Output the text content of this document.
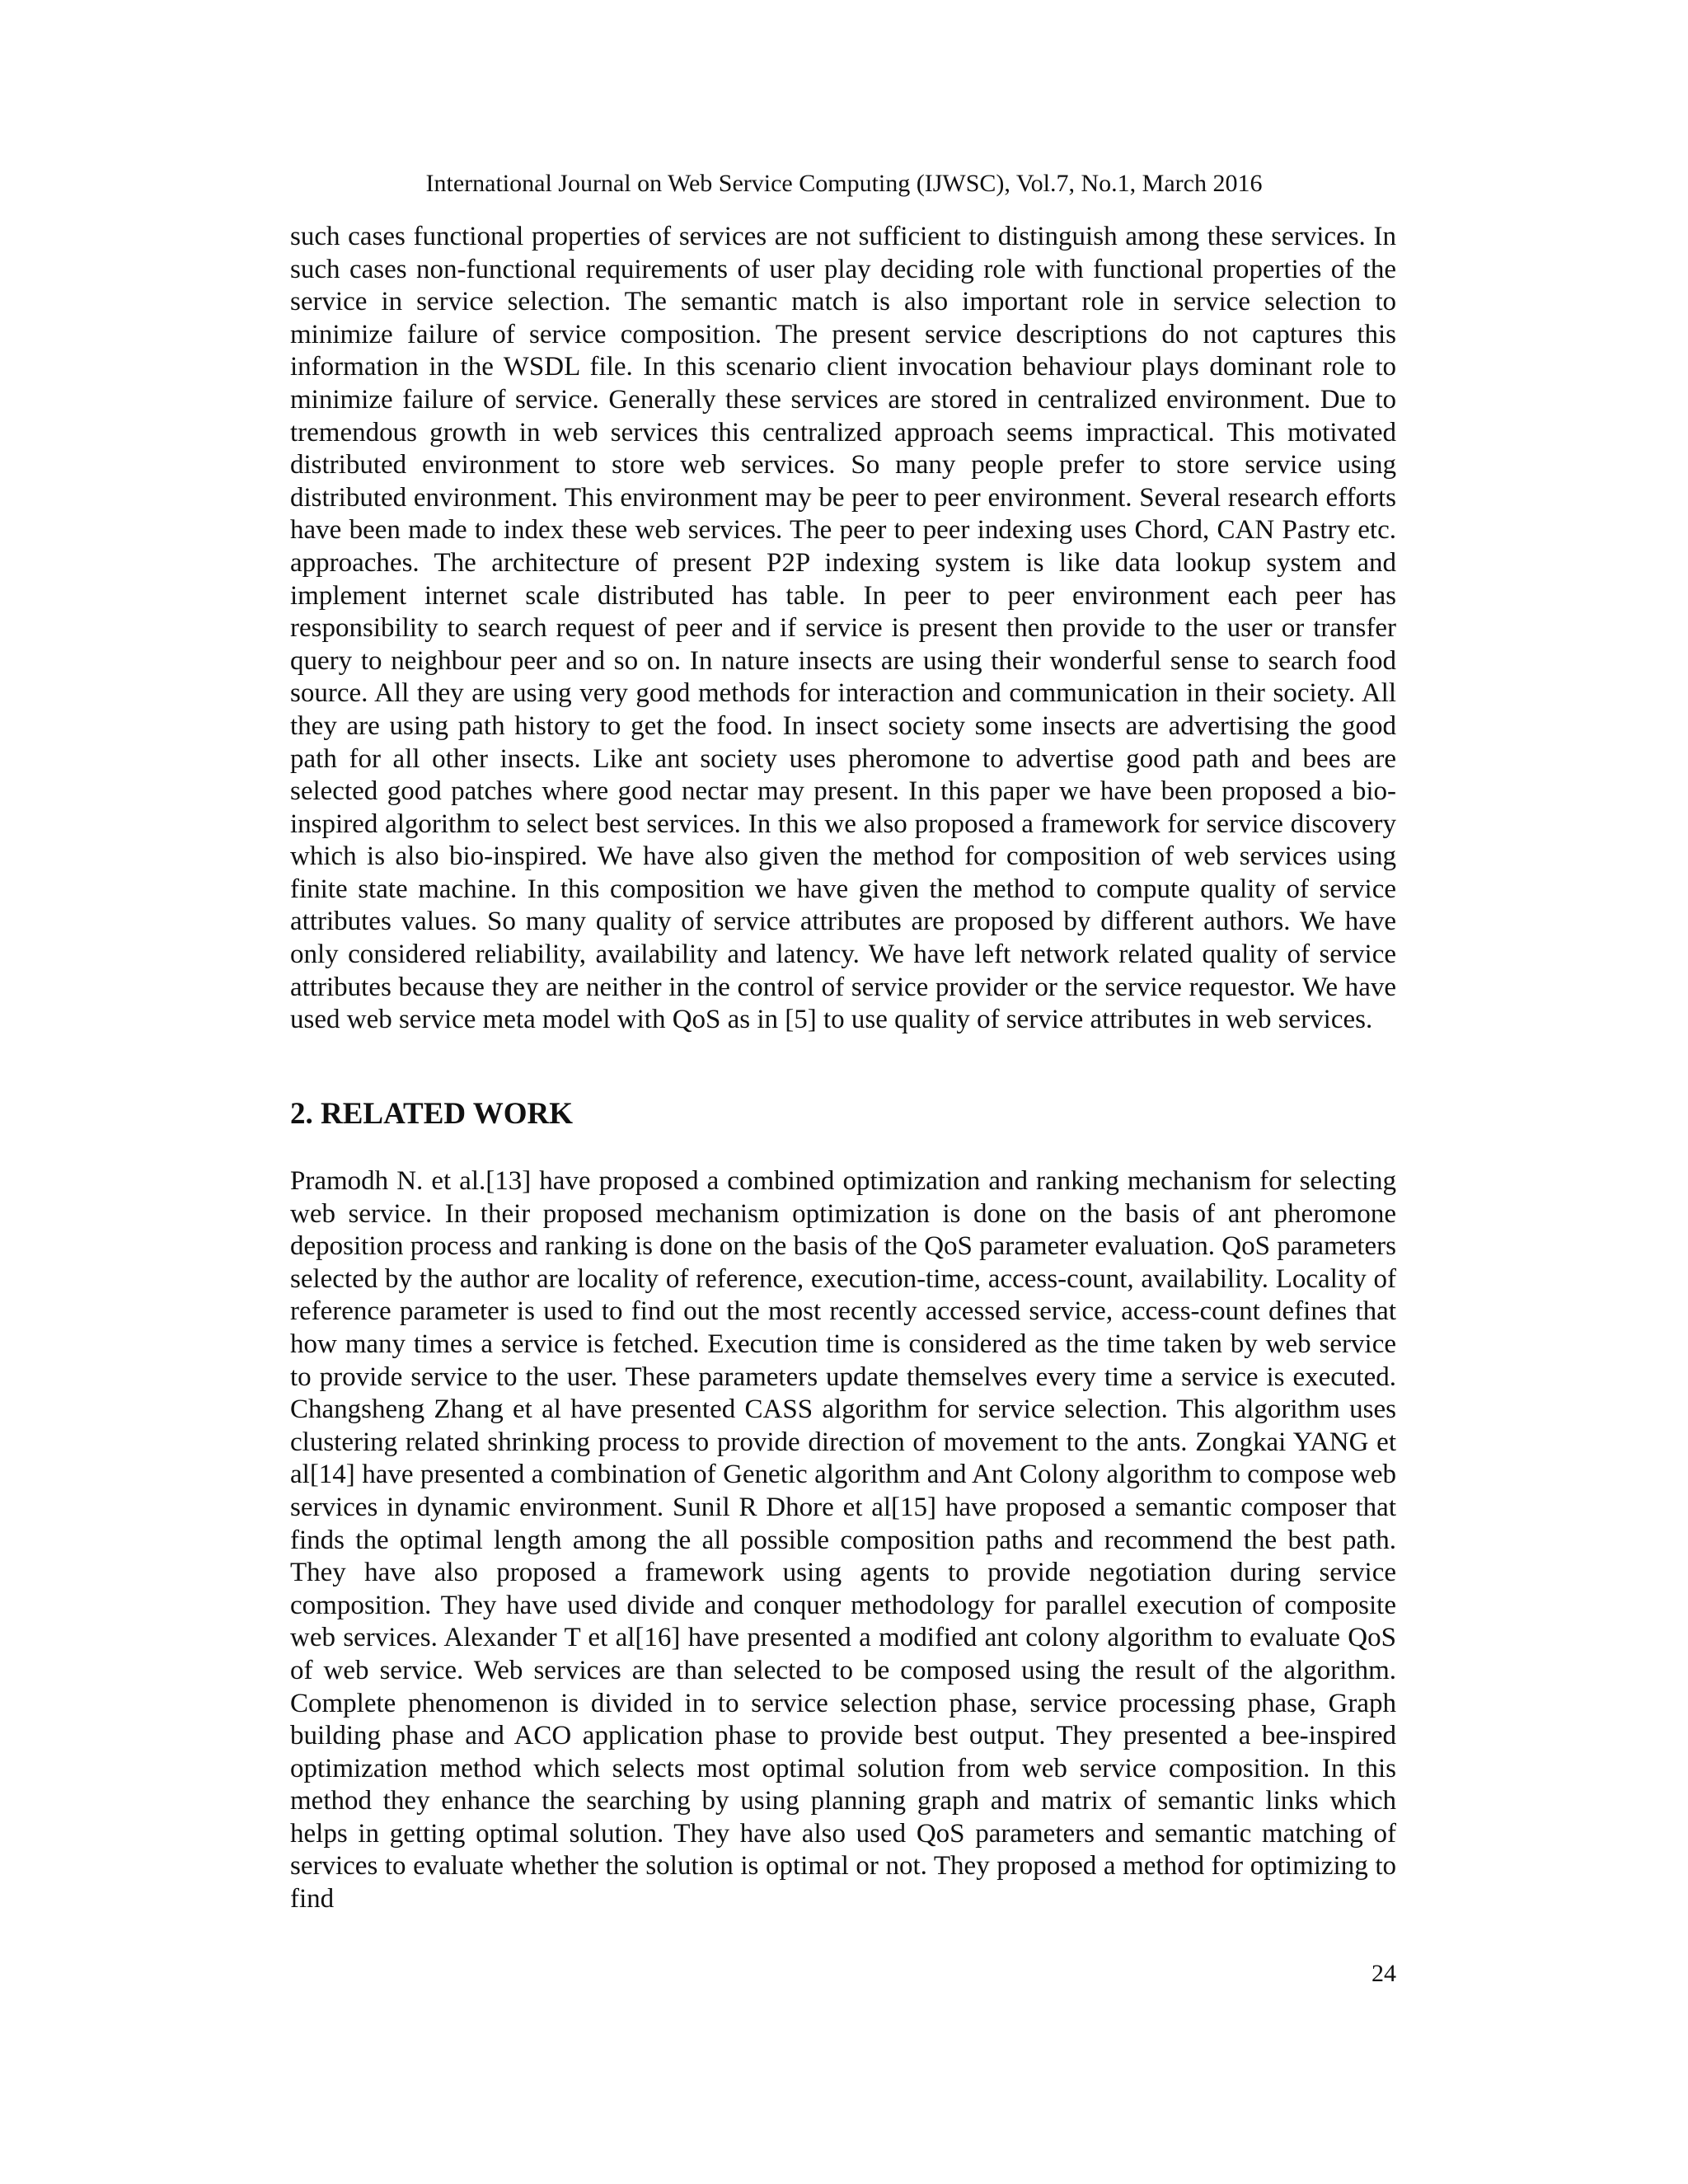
International Journal on Web Service Computing (IJWSC), Vol.7, No.1, March 2016

such cases functional properties of services are not sufficient to distinguish among these services. In such cases non-functional requirements of user play deciding role with functional properties of the service in service selection. The semantic match is also important role in service selection to minimize failure of service composition. The present service descriptions do not captures this information in the WSDL file. In this scenario client invocation behaviour plays dominant role to minimize failure of service. Generally these services are stored in centralized environment. Due to tremendous growth in web services this centralized approach seems impractical. This motivated distributed environment to store web services. So many people prefer to store service using distributed environment. This environment may be peer to peer environment. Several research efforts have been made to index these web services. The peer to peer indexing uses Chord, CAN Pastry etc. approaches. The architecture of present P2P indexing system is like data lookup system and implement internet scale distributed has table. In peer to peer environment each peer has responsibility to search request of peer and if service is present then provide to the user or transfer query to neighbour peer and so on. In nature insects are using their wonderful sense to search food source. All they are using very good methods for interaction and communication in their society. All they are using path history to get the food. In insect society some insects are advertising the good path for all other insects. Like ant society uses pheromone to advertise good path and bees are selected good patches where good nectar may present. In this paper we have been proposed a bio-inspired algorithm to select best services. In this we also proposed a framework for service discovery which is also bio-inspired. We have also given the method for composition of web services using finite state machine. In this composition we have given the method to compute quality of service attributes values. So many quality of service attributes are proposed by different authors. We have only considered reliability, availability and latency. We have left network related quality of service attributes because they are neither in the control of service provider or the service requestor. We have used web service meta model with QoS as in [5] to use quality of service attributes in web services.

2. RELATED WORK

Pramodh N. et al.[13] have proposed a combined optimization and ranking mechanism for selecting web service. In their proposed mechanism optimization is done on the basis of ant pheromone deposition process and ranking is done on the basis of the QoS parameter evaluation. QoS parameters selected by the author are locality of reference, execution-time, access-count, availability. Locality of reference parameter is used to find out the most recently accessed service, access-count defines that how many times a service is fetched. Execution time is considered as the time taken by web service to provide service to the user. These parameters update themselves every time a service is executed. Changsheng Zhang et al have presented CASS algorithm for service selection. This algorithm uses clustering related shrinking process to provide direction of movement to the ants. Zongkai YANG et al[14] have presented a combination of Genetic algorithm and Ant Colony algorithm to compose web services in dynamic environment. Sunil R Dhore et al[15] have proposed a semantic composer that finds the optimal length among the all possible composition paths and recommend the best path. They have also proposed a framework using agents to provide negotiation during service composition. They have used divide and conquer methodology for parallel execution of composite web services. Alexander T et al[16] have presented a modified ant colony algorithm to evaluate QoS of web service. Web services are than selected to be composed using the result of the algorithm. Complete phenomenon is divided in to service selection phase, service processing phase, Graph building phase and ACO application phase to provide best output. They presented a bee-inspired optimization method which selects most optimal solution from web service composition. In this method they enhance the searching by using planning graph and matrix of semantic links which helps in getting optimal solution. They have also used QoS parameters and semantic matching of services to evaluate whether the solution is optimal or not. They proposed a method for optimizing to find

24
